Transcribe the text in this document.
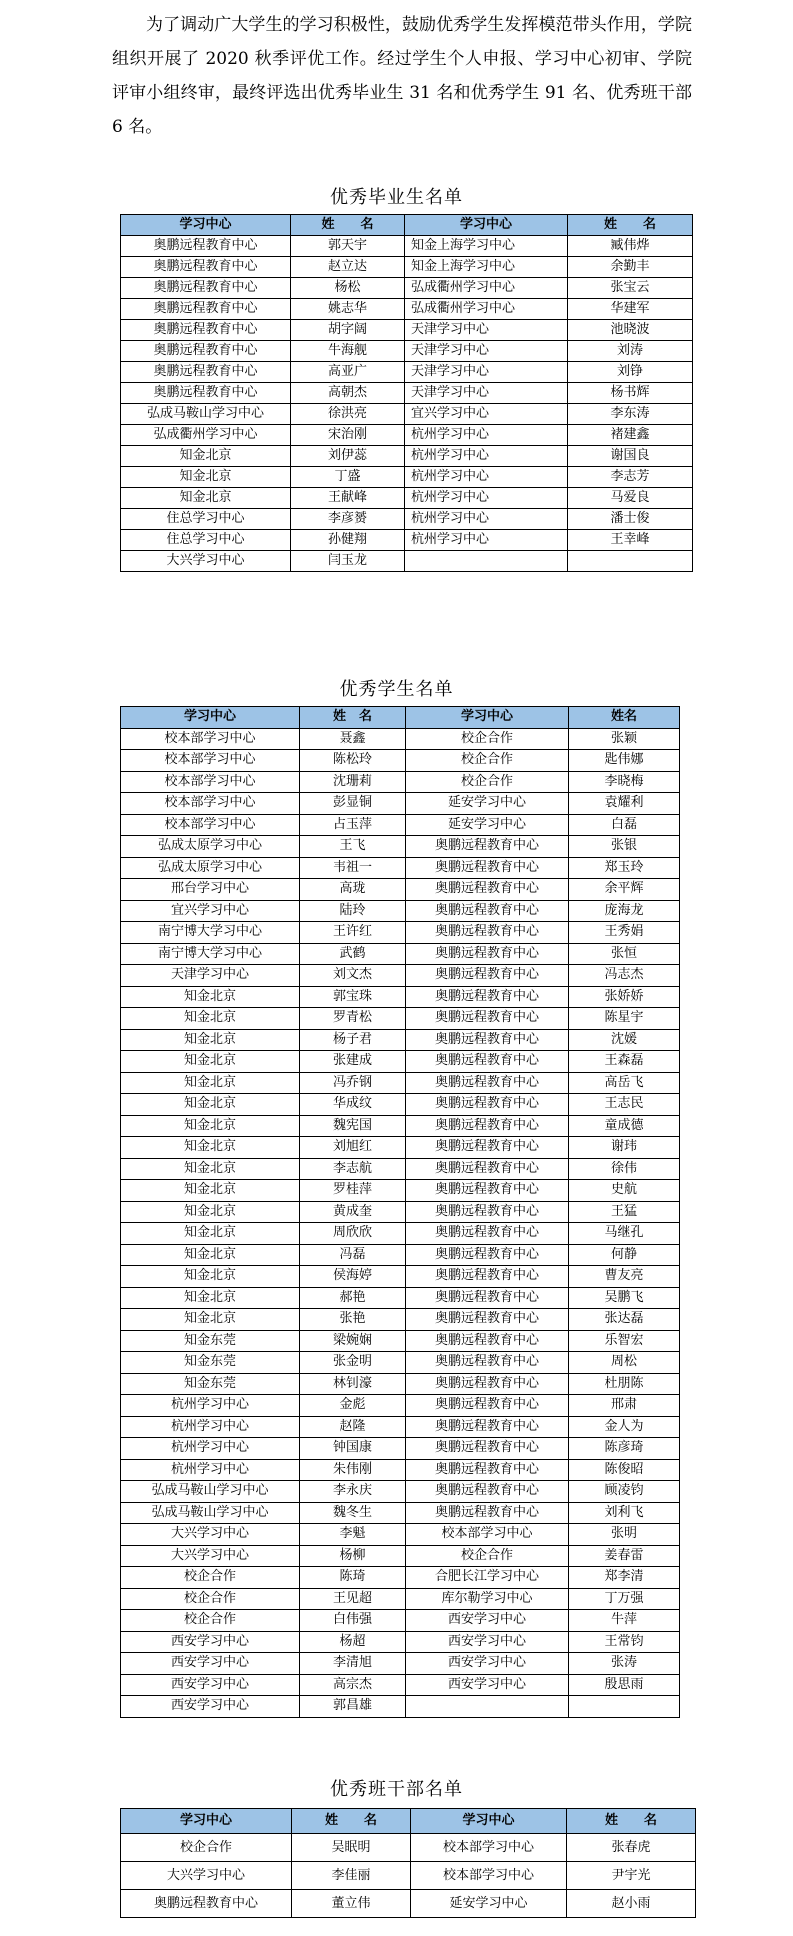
为了调动广大学生的学习积极性，鼓励优秀学生发挥模范带头作用，学院组织开展了 2020 秋季评优工作。经过学生个人申报、学习中心初审、学院评审小组终审，最终评选出优秀毕业生 31 名和优秀学生 91 名、优秀班干部 6 名。

优秀毕业生名单
学习中心	姓　　名	学习中心	姓　　名
奥鹏远程教育中心	郭天宇	知金上海学习中心	臧伟烨
奥鹏远程教育中心	赵立达	知金上海学习中心	余勤丰
奥鹏远程教育中心	杨松	弘成衢州学习中心	张宝云
奥鹏远程教育中心	姚志华	弘成衢州学习中心	华建军
奥鹏远程教育中心	胡字阔	天津学习中心	池晓波
奥鹏远程教育中心	牛海舰	天津学习中心	刘涛
奥鹏远程教育中心	高亚广	天津学习中心	刘铮
奥鹏远程教育中心	高朝杰	天津学习中心	杨书辉
弘成马鞍山学习中心	徐洪亮	宜兴学习中心	李东涛
弘成衢州学习中心	宋治刚	杭州学习中心	褚建鑫
知金北京	刘伊蕊	杭州学习中心	谢国良
知金北京	丁盛	杭州学习中心	李志芳
知金北京	王献峰	杭州学习中心	马爱良
住总学习中心	李彦赟	杭州学习中心	潘士俊
住总学习中心	孙健翔	杭州学习中心	王幸峰
大兴学习中心	闫玉龙		
优秀学生名单
学习中心	姓　名	学习中心	姓名
校本部学习中心	聂鑫	校企合作	张颖
校本部学习中心	陈松玲	校企合作	匙伟娜
校本部学习中心	沈珊莉	校企合作	李晓梅
校本部学习中心	彭显铜	延安学习中心	袁耀利
校本部学习中心	占玉萍	延安学习中心	白磊
弘成太原学习中心	王飞	奥鹏远程教育中心	张银
弘成太原学习中心	韦祖一	奥鹏远程教育中心	郑玉玲
邢台学习中心	高珑	奥鹏远程教育中心	余平辉
宜兴学习中心	陆玲	奥鹏远程教育中心	庞海龙
南宁博大学习中心	王许红	奥鹏远程教育中心	王秀娟
南宁博大学习中心	武鹤	奥鹏远程教育中心	张恒
天津学习中心	刘文杰	奥鹏远程教育中心	冯志杰
知金北京	郭宝珠	奥鹏远程教育中心	张娇娇
知金北京	罗青松	奥鹏远程教育中心	陈星宇
知金北京	杨子君	奥鹏远程教育中心	沈媛
知金北京	张建成	奥鹏远程教育中心	王森磊
知金北京	冯乔钢	奥鹏远程教育中心	高岳飞
知金北京	华成纹	奥鹏远程教育中心	王志民
知金北京	魏宪国	奥鹏远程教育中心	童成德
知金北京	刘旭红	奥鹏远程教育中心	谢玮
知金北京	李志航	奥鹏远程教育中心	徐伟
知金北京	罗桂萍	奥鹏远程教育中心	史航
知金北京	黄成奎	奥鹏远程教育中心	王猛
知金北京	周欣欣	奥鹏远程教育中心	马继孔
知金北京	冯磊	奥鹏远程教育中心	何静
知金北京	侯海婷	奥鹏远程教育中心	曹友亮
知金北京	郝艳	奥鹏远程教育中心	吴鹏飞
知金北京	张艳	奥鹏远程教育中心	张达磊
知金东莞	梁婉娴	奥鹏远程教育中心	乐智宏
知金东莞	张金明	奥鹏远程教育中心	周松
知金东莞	林钊濠	奥鹏远程教育中心	杜朋陈
杭州学习中心	金彪	奥鹏远程教育中心	邢肃
杭州学习中心	赵隆	奥鹏远程教育中心	金人为
杭州学习中心	钟国康	奥鹏远程教育中心	陈彦琦
杭州学习中心	朱伟刚	奥鹏远程教育中心	陈俊昭
弘成马鞍山学习中心	李永庆	奥鹏远程教育中心	顾凌钧
弘成马鞍山学习中心	魏冬生	奥鹏远程教育中心	刘利飞
大兴学习中心	李魁	校本部学习中心	张明
大兴学习中心	杨柳	校企合作	姜春雷
校企合作	陈琦	合肥长江学习中心	郑李清
校企合作	王见超	库尔勒学习中心	丁万强
校企合作	白伟强	西安学习中心	牛萍
西安学习中心	杨超	西安学习中心	王常钧
西安学习中心	李清旭	西安学习中心	张涛
西安学习中心	高宗杰	西安学习中心	殷思雨
西安学习中心	郭昌雄		
优秀班干部名单
学习中心	姓　　名	学习中心	姓　　名
校企合作	吴眠明	校本部学习中心	张春虎
大兴学习中心	李佳丽	校本部学习中心	尹宇光
奥鹏远程教育中心	董立伟	延安学习中心	赵小雨
